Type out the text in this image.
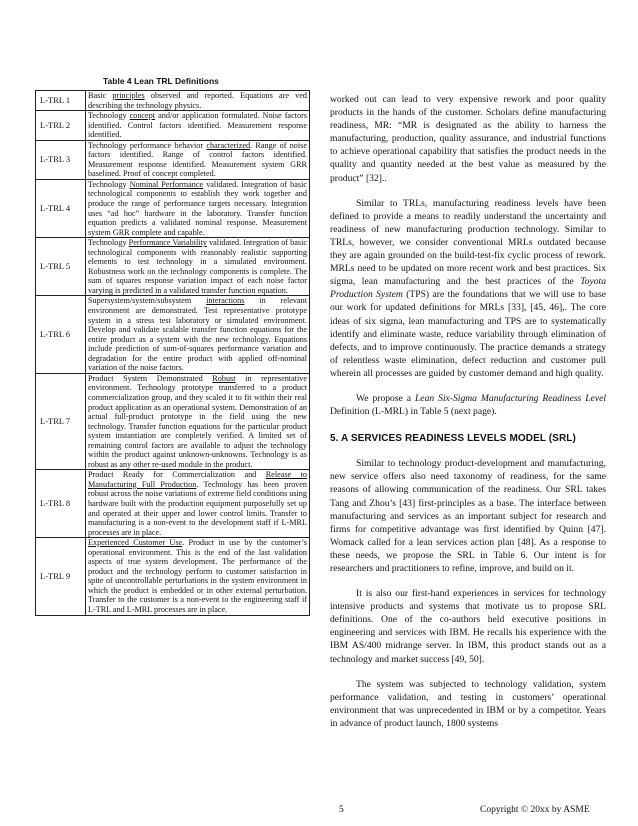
Table 4 Lean TRL Definitions
L-TRL 1	Basic principles observed and reported. Equations are ved describing the technology physics.
L-TRL 2	Technology concept and/or application formulated. Noise factors identified. Control factors identified. Measurement response identified.
L-TRL 3	Technology performance behavior characterized. Range of noise factors identified. Range of control factors identified. Measurement response identified. Measurement system GRR baselined. Proof of concept completed.
L-TRL 4	Technology Nominal Performance validated. Integration of basic technological components to establish they work together and produce the range of performance targets necessary. Integration uses “ad hoc” hardware in the laboratory. Transfer function equation predicts a validated nominal response. Measurement system GRR complete and capable.
L-TRL 5	Technology Performance Variability validated. Integration of basic technological components with reasonably realistic supporting elements to test technology in a simulated environment. Robustness work on the technology components is complete. The sum of squares response variation impact of each noise factor varying is predicted in a validated transfer function equation.
L-TRL 6	Supersystem/system/subsystem interactions in relevant environment are demonstrated. Test representative prototype system in a stress test laboratory or simulated environment. Develop and validate scalable transfer function equations for the entire product as a system with the new technology. Equations include prediction of sum-of-squares performance variation and degradation for the entire product with applied off-nominal variation of the noise factors.
L-TRL 7	Product System Demonstrated Robust in representative environment. Technology prototype transferred to a product commercialization group, and they scaled it to fit within their real product application as an operational system. Demonstration of an actual full-product prototype in the field using the new technology. Transfer function equations for the particular product system instantiation are completely verified. A limited set of remaining control factors are available to adjust the technology within the product against unknown-unknowns. Technology is as robust as any other re-used module in the product.
L-TRL 8	Product Ready for Commercialization and Release to Manufacturing Full Production. Technology has been proven robust across the noise variations of extreme field conditions using hardware built with the production equipment purposefully set up and operated at their upper and lower control limits. Transfer to manufacturing is a non-event to the development staff if L-MRL processes are in place.
L-TRL 9	Experienced Customer Use. Product in use by the customer’s operational environment. This is the end of the last validation aspects of true system development. The performance of the product and the technology perform to customer satisfaction in spite of uncontrollable perturbations in the system environment in which the product is embedded or in other external perturbation. Transfer to the customer is a non-event to the engineering staff if L-TRL and L-MRL processes are in place.

worked out can lead to very expensive rework and poor quality products in the hands of the customer. Scholars define manufacturing readiness, MR: “MR is designated as the ability to harness the manufacturing, production, quality assurance, and industrial functions to achieve operational capability that satisfies the product needs in the quality and quantity needed at the best value as measured by the product” [32]..

Similar to TRLs, manufacturing readiness levels have been defined to provide a means to readily understand the uncertainty and readiness of new manufacturing production technology. Similar to TRLs, however, we consider conventional MRLs outdated because they are again grounded on the build-test-fix cyclic process of rework. MRLs need to be updated on more recent work and best practices. Six sigma, lean manufacturing and the best practices of the Toyota Production System (TPS) are the foundations that we will use to base our work for updated definitions for MRLs [33], [45, 46],. The core ideas of six sigma, lean manufacturing and TPS are to systematically identify and eliminate waste, reduce variability through elimination of defects, and to improve continuously. The practice demands a strategy of relentless waste elimination, defect reduction and customer pull wherein all processes are guided by customer demand and high quality.

We propose a Lean Six-Sigma Manufacturing Readiness Level Definition (L-MRL) in Table 5 (next page).

5. A SERVICES READINESS LEVELS MODEL (SRL)

Similar to technology product-development and manufacturing, new service offers also need taxonomy of readiness, for the same reasons of allowing communication of the readiness. Our SRL takes Tang and Zhou’s [43] first-principles as a base. The interface between manufacturing and services as an important subject for research and firms for competitive advantage was first identified by Quinn [47]. Womack called for a lean services action plan [48]. As a response to these needs, we propose the SRL in Table 6. Our intent is for researchers and practitioners to refine, improve, and build on it.

It is also our first-hand experiences in services for technology intensive products and systems that motivate us to propose SRL definitions. One of the co-authors held executive positions in engineering and services with IBM. He recalls his experience with the IBM AS/400 midrange server. In IBM, this product stands out as a technology and market success [49, 50].

The system was subjected to technology validation, system performance validation, and testing in customers’ operational environment that was unprecedented in IBM or by a competitor. Years in advance of product launch, 1800 systems

5	Copyright © 20xx by ASME
